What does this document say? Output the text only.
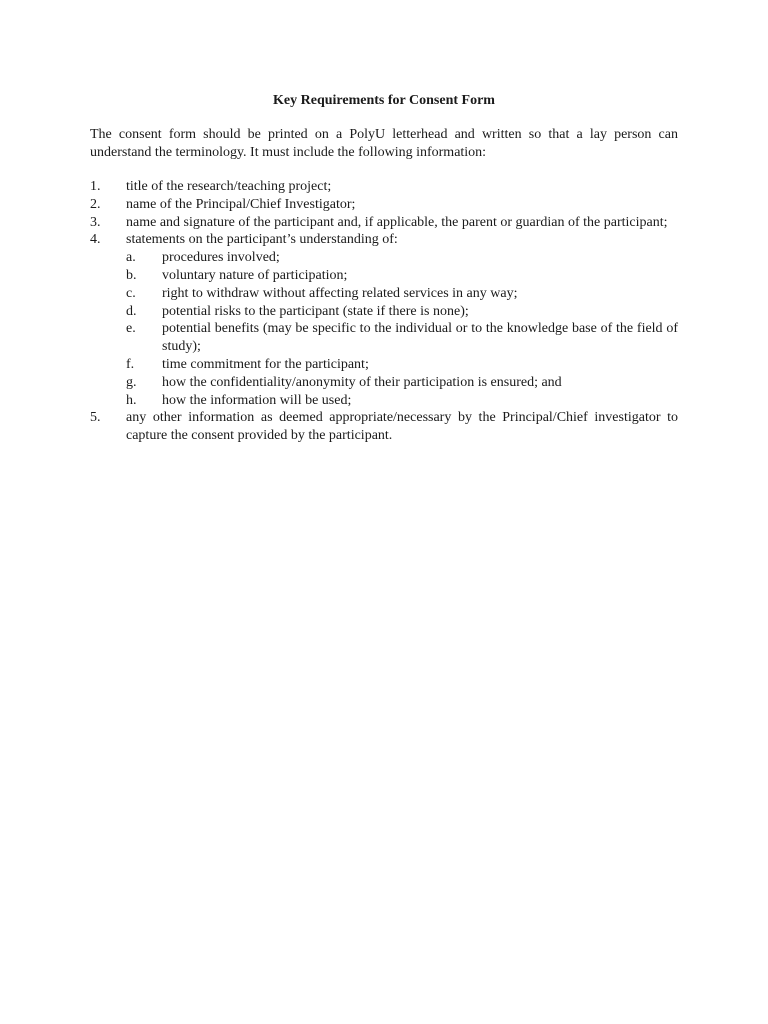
Key Requirements for Consent Form
The consent form should be printed on a PolyU letterhead and written so that a lay person can understand the terminology. It must include the following information:
1.	title of the research/teaching project;
2.	name of the Principal/Chief Investigator;
3.	name and signature of the participant and, if applicable, the parent or guardian of the participant;
4.	statements on the participant’s understanding of:
a.	procedures involved;
b.	voluntary nature of participation;
c.	right to withdraw without affecting related services in any way;
d.	potential risks to the participant (state if there is none);
e.	potential benefits (may be specific to the individual or to the knowledge base of the field of study);
f.	time commitment for the participant;
g.	how the confidentiality/anonymity of their participation is ensured; and
h.	how the information will be used;
5.	any other information as deemed appropriate/necessary by the Principal/Chief investigator to capture the consent provided by the participant.
